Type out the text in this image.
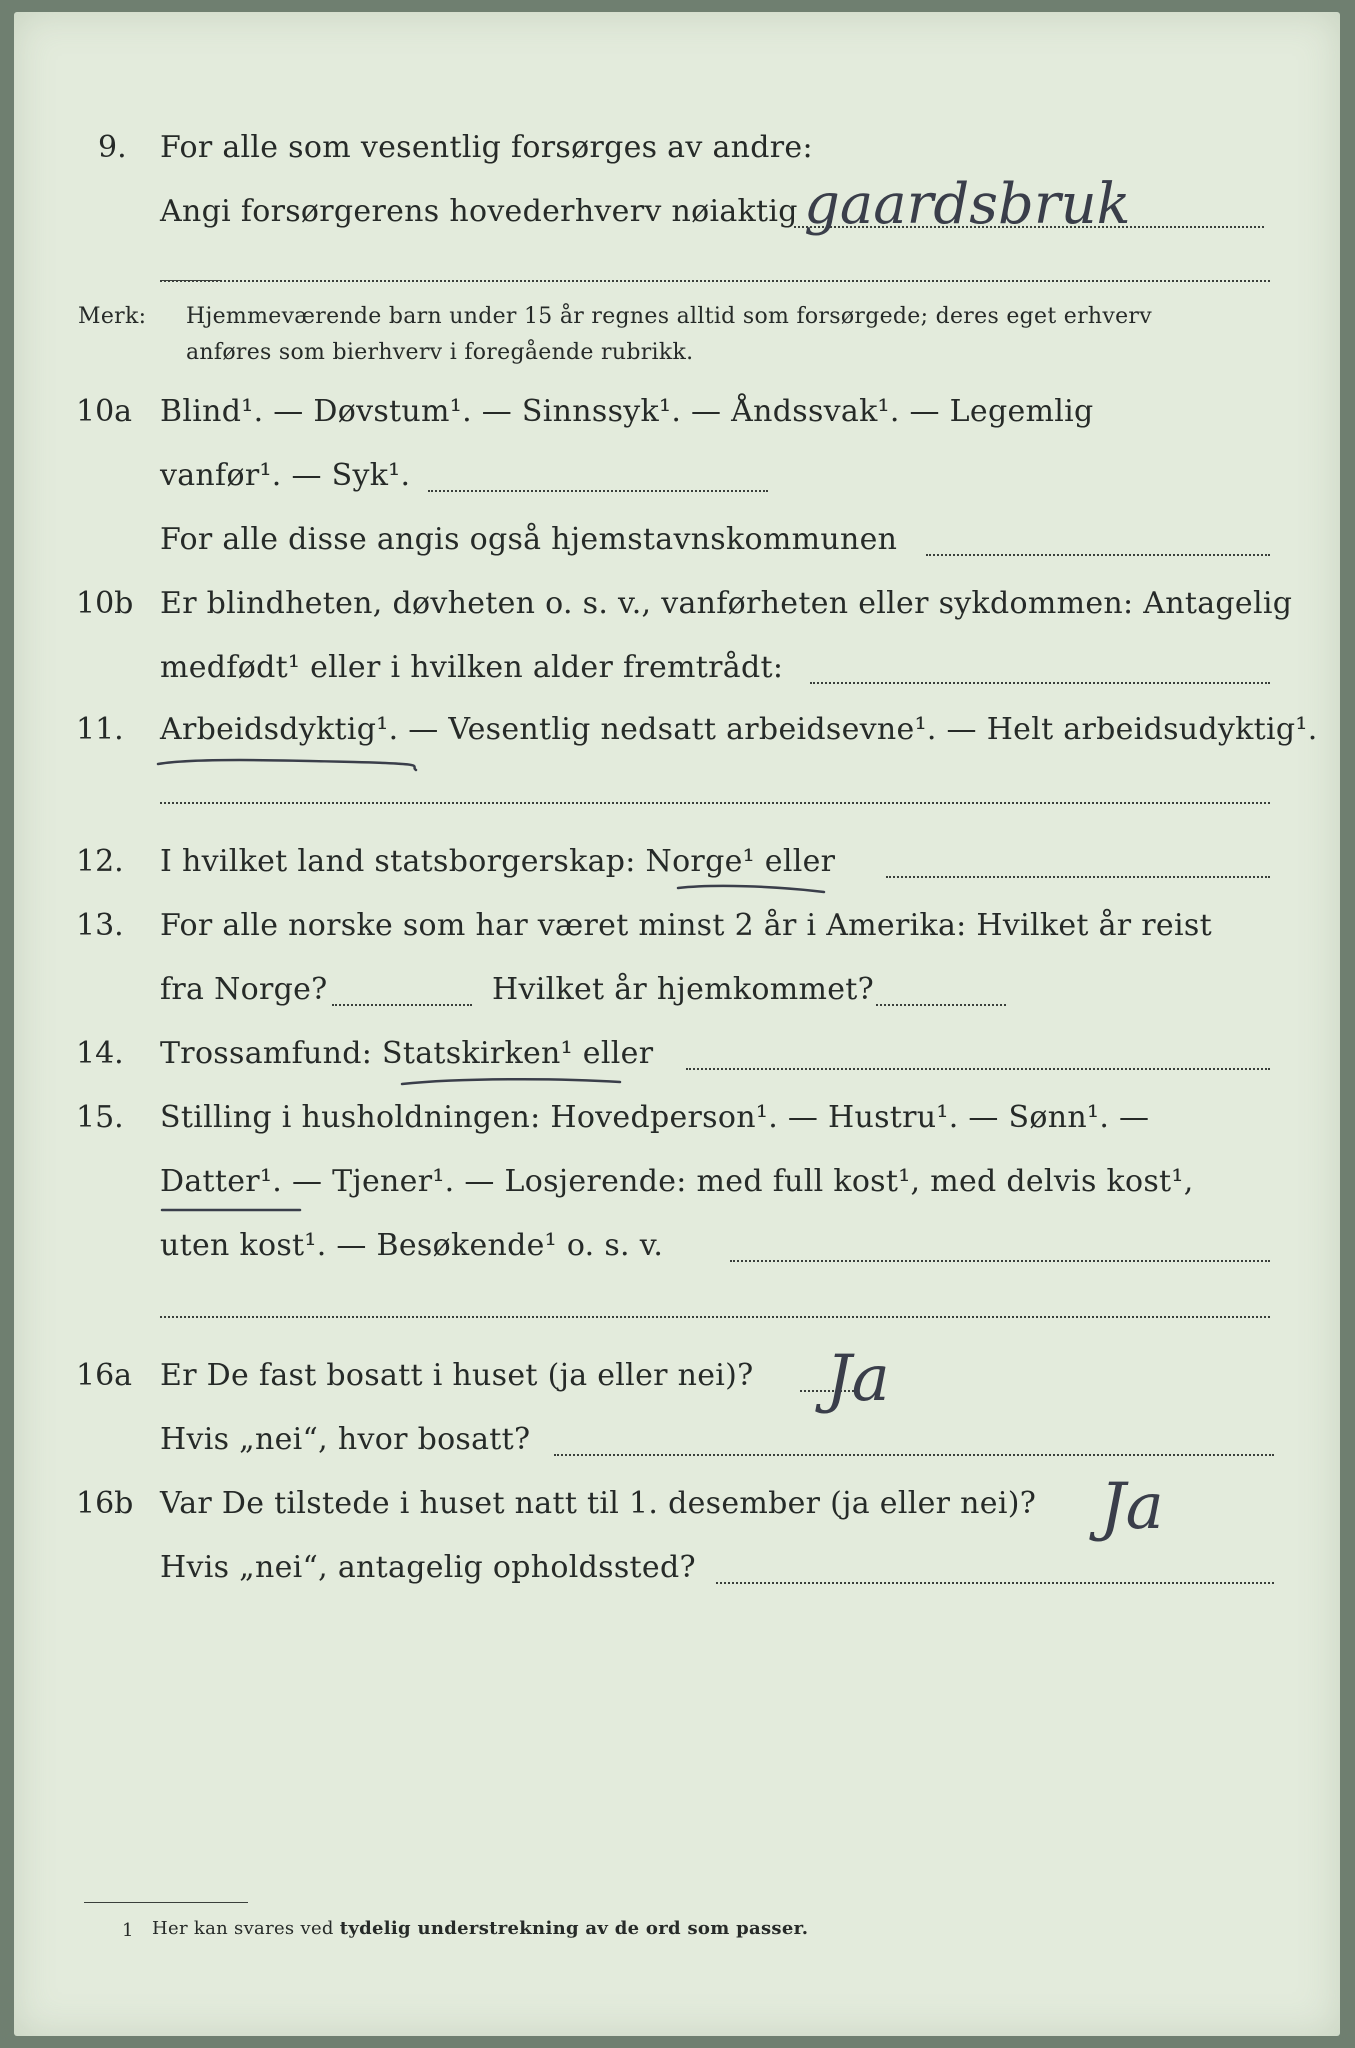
9. For alle som vesentlig forsørges av andre:
Angi forsørgerens hovederhverv nøiaktig gaardsbruk
Merk: Hjemmeværende barn under 15 år regnes alltid som forsørgede; deres eget erhverv
anføres som bierhverv i foregående rubrikk.
10a Blind¹. — Døvstum¹. — Sinnssyk¹. — Åndssvak¹. — Legemlig
vanfør¹. — Syk¹.
For alle disse angis også hjemstavnskommunen
10b Er blindheten, døvheten o. s. v., vanførheten eller sykdommen: Antagelig
medfødt¹ eller i hvilken alder fremtrådt:
11. Arbeidsdyktig¹. — Vesentlig nedsatt arbeidsevne¹. — Helt arbeidsudyktig¹.
12. I hvilket land statsborgerskap: Norge¹ eller
13. For alle norske som har været minst 2 år i Amerika: Hvilket år reist
fra Norge?	Hvilket år hjemkommet?
14. Trossamfund: Statskirken¹ eller
15. Stilling i husholdningen: Hovedperson¹. — Hustru¹. — Sønn¹. —
Datter¹. — Tjener¹. — Losjerende: med full kost¹, med delvis kost¹,
uten kost¹. — Besøkende¹ o. s. v.
16a Er De fast bosatt i huset (ja eller nei)? Ja
Hvis „nei“, hvor bosatt?
16b Var De tilstede i huset natt til 1. desember (ja eller nei)? Ja
Hvis „nei“, antagelig opholdssted?
1 Her kan svares ved tydelig understrekning av de ord som passer.
